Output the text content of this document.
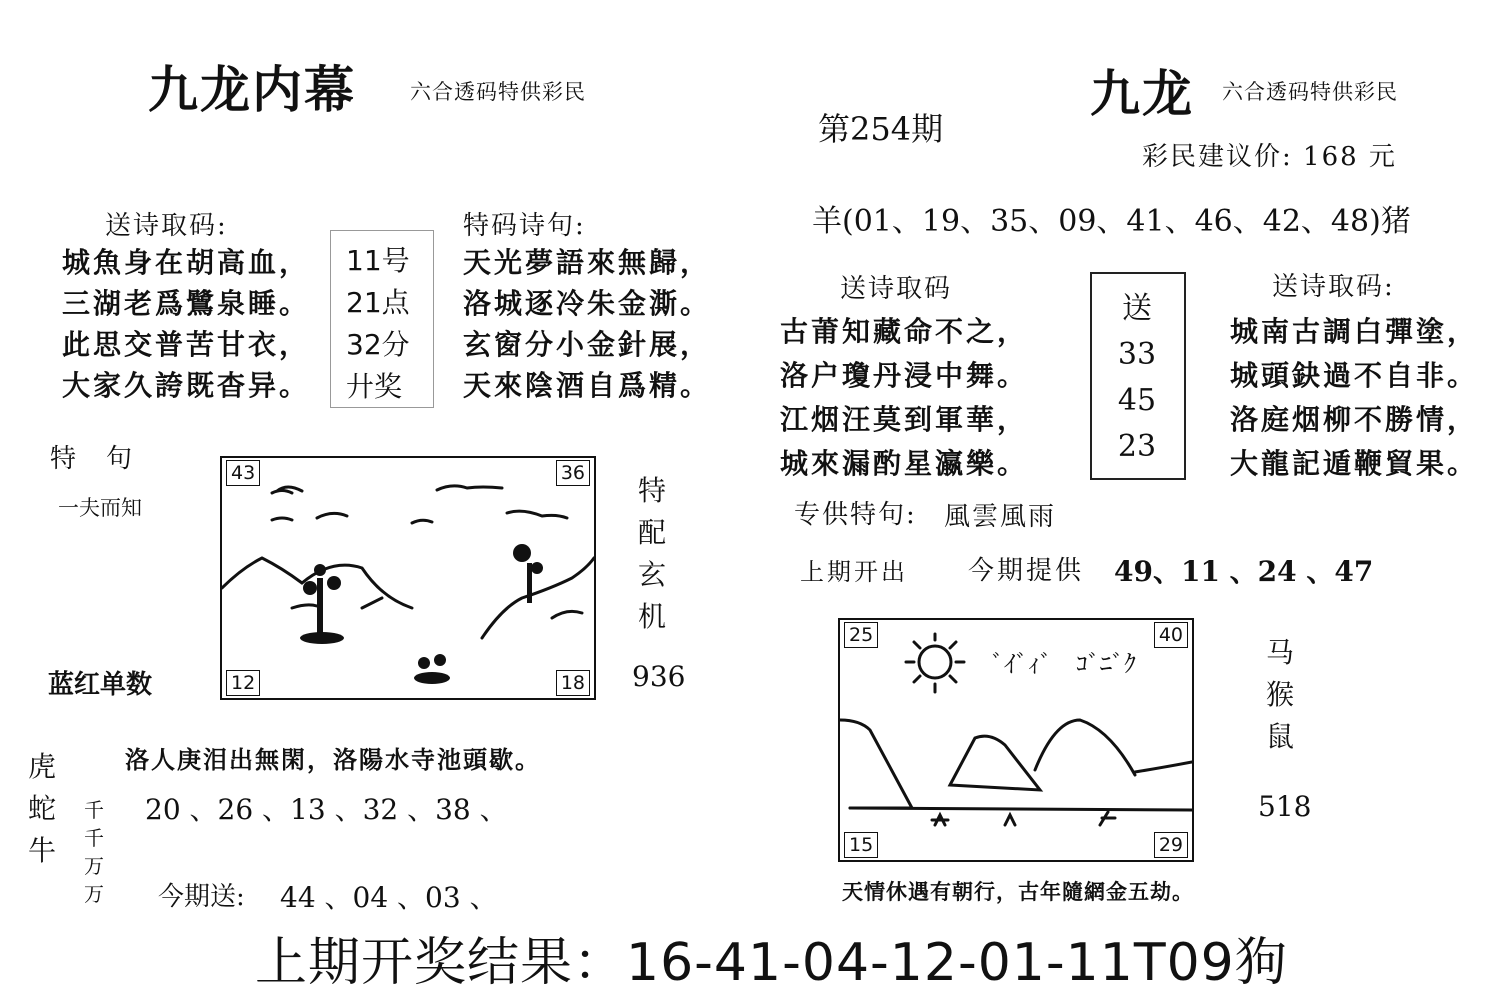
九龙内幕	六合透码特供彩民
送诗取码:
城魚身在胡高血，
三湖老爲鷺泉睡。
此思交普苦甘衣，
大家久誇既杳异。
11号
21点
32分
廾奖
特码诗句:
天光夢語來無歸，
洛城逐冷朱金澌。
玄窗分小金針展，
天來陰酒自爲精。
特　句
一夫而知
蓝红单数
43	36
12	18
特
配
玄
机
936
虎
蛇
牛
洛人庚泪出無閑，洛陽水寺池頭歇。
20 、26 、13 、32 、38 、
千
千
万
万 今期送: 44 、04 、03 、
第254期
羊(01、19、35、09、41、46、42、48)猪
九龙 六合透码特供彩民
彩民建议价: 168 元
送诗取码
古莆知藏命不之，
洛户瓊丹浸中舞。
江烟汪莫到軍華，
城來漏酌星瀛樂。
送
33
45
23
送诗取码:
城南古調白彈塗，
城頭鈌過不自非。
洛庭烟柳不勝情，
大龍記遁鞭貿果。
专供特句: 風雲風雨
上期开出 今期提供 49、11 、24 、47
ﾞｲﾞｨﾞ　ｺﾞﾆﾞｸ
25	40
15	29
马
猴
鼠
518
天情休遇有朝行，古年隨網金五劫。
上期开奖结果：16-41-04-12-01-11T09狗
